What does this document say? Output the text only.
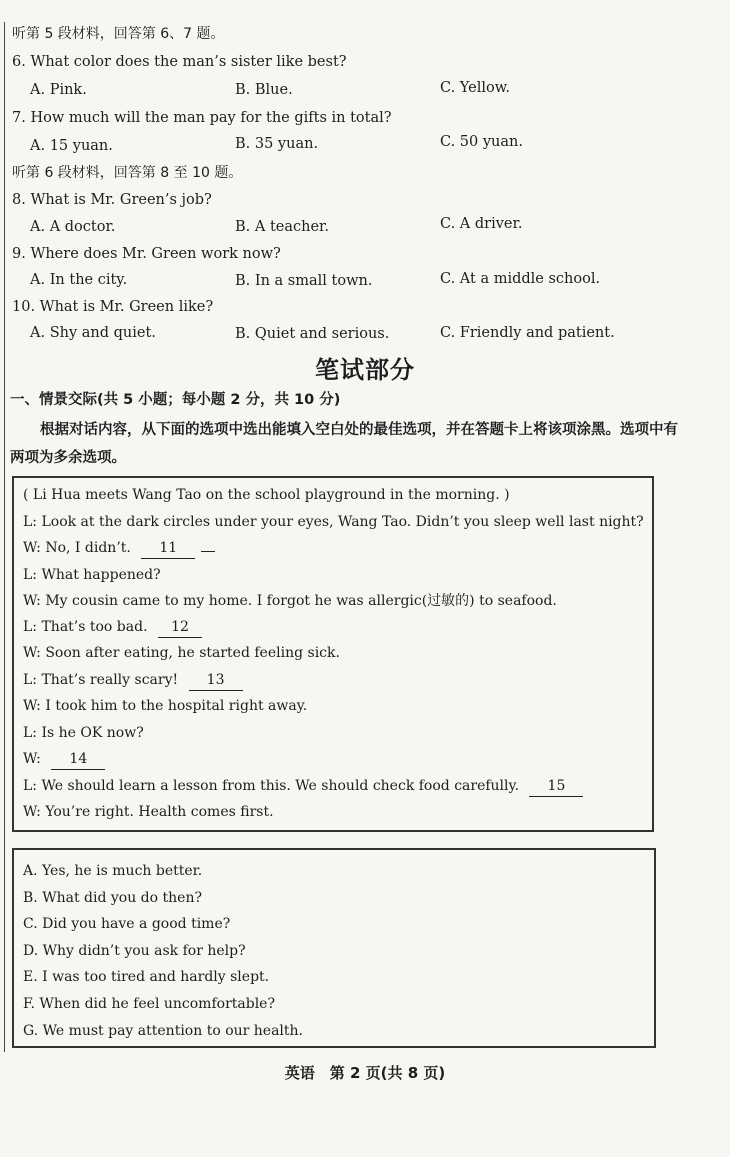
听第 5 段材料，回答第 6、7 题。
6. What color does the man’s sister like best?
A. Pink.	B. Blue.	C. Yellow.
7. How much will the man pay for the gifts in total?
A. 15 yuan.	B. 35 yuan.	C. 50 yuan.
听第 6 段材料，回答第 8 至 10 题。
8. What is Mr. Green’s job?
A. A doctor.	B. A teacher.	C. A driver.
9. Where does Mr. Green work now?
A. In the city.	B. In a small town.	C. At a middle school.
10. What is Mr. Green like?
A. Shy and quiet.	B. Quiet and serious.	C. Friendly and patient.
笔试部分
一、情景交际(共 5 小题；每小题 2 分，共 10 分)
根据对话内容，从下面的选项中选出能填入空白处的最佳选项，并在答题卡上将该项涂黑。选项中有两项为多余选项。
( Li Hua meets Wang Tao on the school playground in the morning. )
L: Look at the dark circles under your eyes, Wang Tao. Didn’t you sleep well last night?
W: No, I didn’t. 11
L: What happened?
W: My cousin came to my home. I forgot he was allergic(过敏的) to seafood.
L: That’s too bad. 12
W: Soon after eating, he started feeling sick.
L: That’s really scary! 13
W: I took him to the hospital right away.
L: Is he OK now?
W: 14
L: We should learn a lesson from this. We should check food carefully. 15
W: You’re right. Health comes first.
A. Yes, he is much better.
B. What did you do then?
C. Did you have a good time?
D. Why didn’t you ask for help?
E. I was too tired and hardly slept.
F. When did he feel uncomfortable?
G. We must pay attention to our health.
英语　第 2 页(共 8 页)
